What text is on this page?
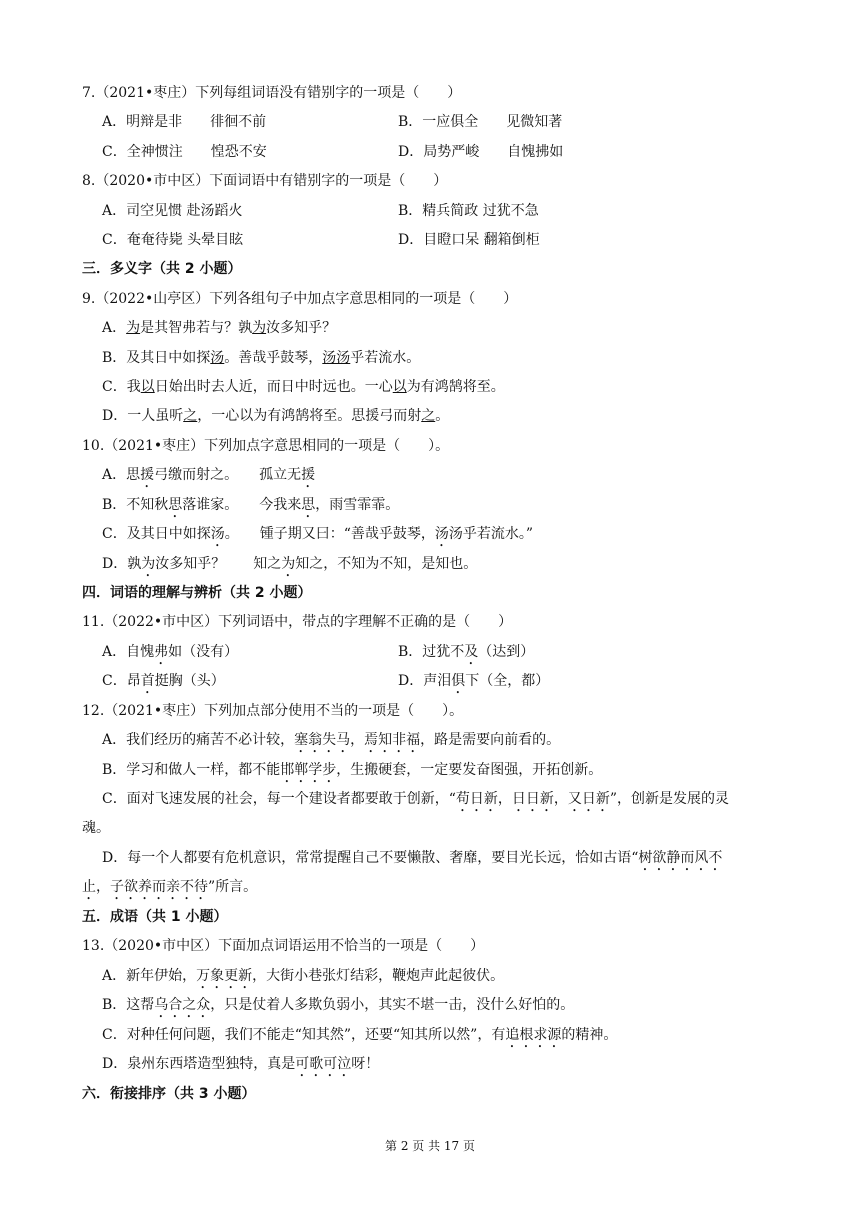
7.（2021•枣庄）下列每组词语没有错别字的一项是（　　）
A．明辩是非　　徘徊不前	B．一应俱全　　见微知著
C．全神惯注　　惶恐不安	D．局势严峻　　自愧拂如
8.（2020•市中区）下面词语中有错别字的一项是（　　）
A．司空见惯 赴汤蹈火	B．精兵简政 过犹不急
C．奄奄待毙 头晕目眩	D．目瞪口呆 翻箱倒柜
三．多义字（共 2 小题）
9.（2022•山亭区）下列各组句子中加点字意思相同的一项是（　　）
A．为是其智弗若与？孰为汝多知乎？
B．及其日中如探汤。善哉乎鼓琴，汤汤乎若流水。
C．我以日始出时去人近，而日中时远也。一心以为有鸿鹄将至。
D．一人虽听之，一心以为有鸿鹄将至。思援弓而射之。
10.（2021•枣庄）下列加点字意思相同的一项是（　　）。
A．思援弓缴而射之。　　孤立无援
B．不知秋思落谁家。　　今我来思，雨雪霏霏。
C．及其日中如探汤。　　锺子期又曰：“善哉乎鼓琴，汤汤乎若流水。”
D．孰为汝多知乎？　　知之为知之，不知为不知，是知也。
四．词语的理解与辨析（共 2 小题）
11.（2022•市中区）下列词语中，带点的字理解不正确的是（　　）
A．自愧弗如（没有）	B．过犹不及（达到）
C．昂首挺胸（头）	D．声泪俱下（全，都）
12.（2021•枣庄）下列加点部分使用不当的一项是（　　）。
A．我们经历的痛苦不必计较，塞翁失马，焉知非福，路是需要向前看的。
B．学习和做人一样，都不能邯郸学步，生搬硬套，一定要发奋图强，开拓创新。
C．面对飞速发展的社会，每一个建设者都要敢于创新，“苟日新，日日新，又日新”，创新是发展的灵
魂。
D．每一个人都要有危机意识，常常提醒自己不要懒散、奢靡，要目光长远，恰如古语“树欲静而风不
止，子欲养而亲不待”所言。
五．成语（共 1 小题）
13.（2020•市中区）下面加点词语运用不恰当的一项是（　　）
A．新年伊始，万象更新，大街小巷张灯结彩，鞭炮声此起彼伏。
B．这帮乌合之众，只是仗着人多欺负弱小，其实不堪一击，没什么好怕的。
C．对种任何问题，我们不能走“知其然”，还要“知其所以然”，有追根求源的精神。
D．泉州东西塔造型独特，真是可歌可泣呀！
六．衔接排序（共 3 小题）
第 2 页 共 17 页
